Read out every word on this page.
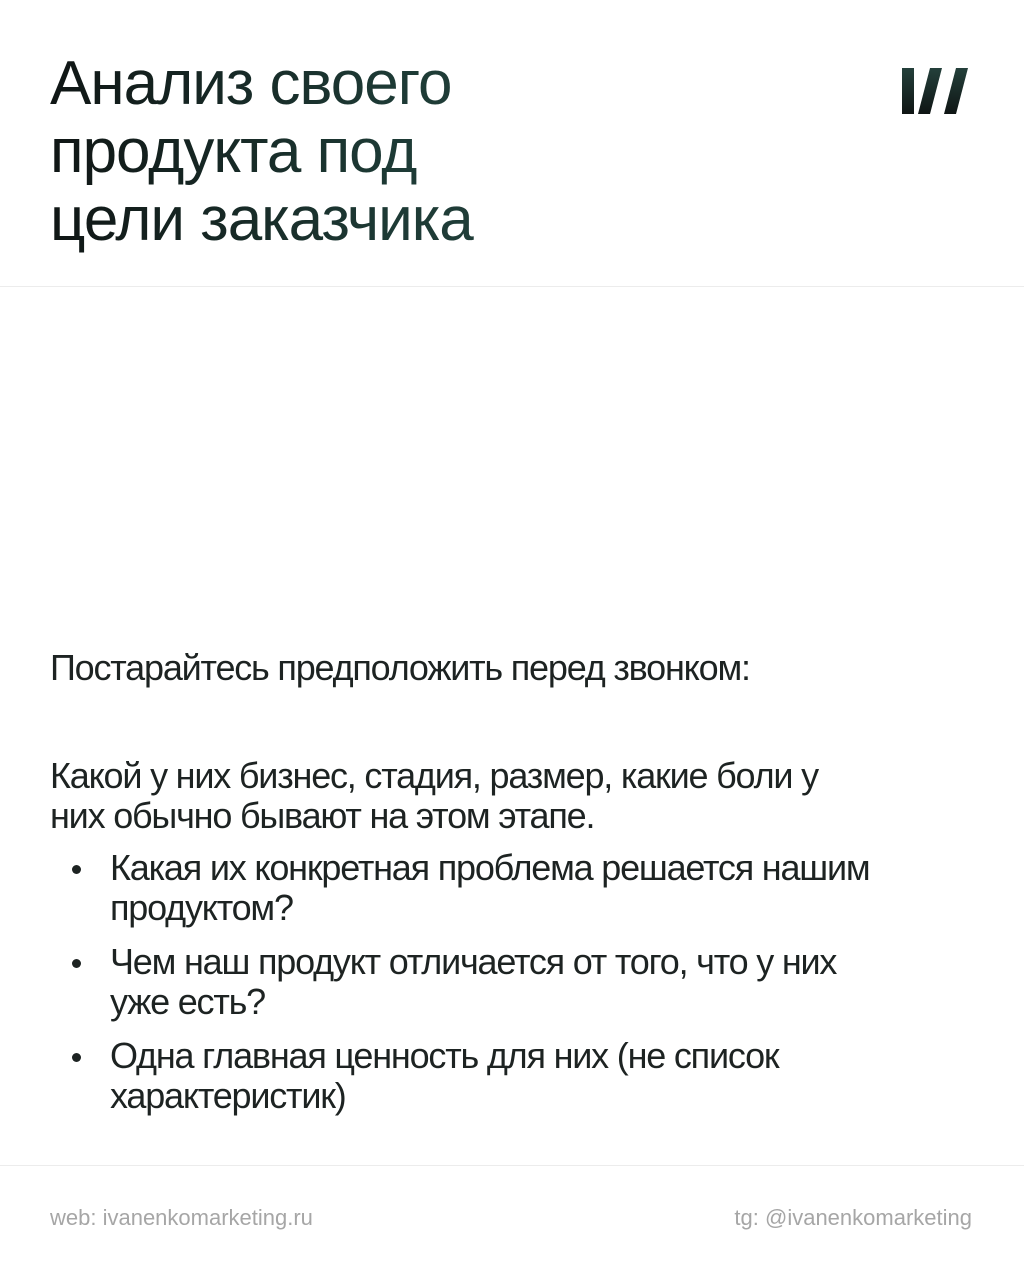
Анализ своего
продукта под
цели заказчика

Постарайтесь предположить перед звонком:

Какой у них бизнес, стадия, размер, какие боли у них обычно бывают на этом этапе.
Какая их конкретная проблема решается нашим продуктом?
Чем наш продукт отличается от того, что у них уже есть?
Одна главная ценность для них (не список характеристик)
web: ivanenkomarketing.ru	tg: @ivanenkomarketing
